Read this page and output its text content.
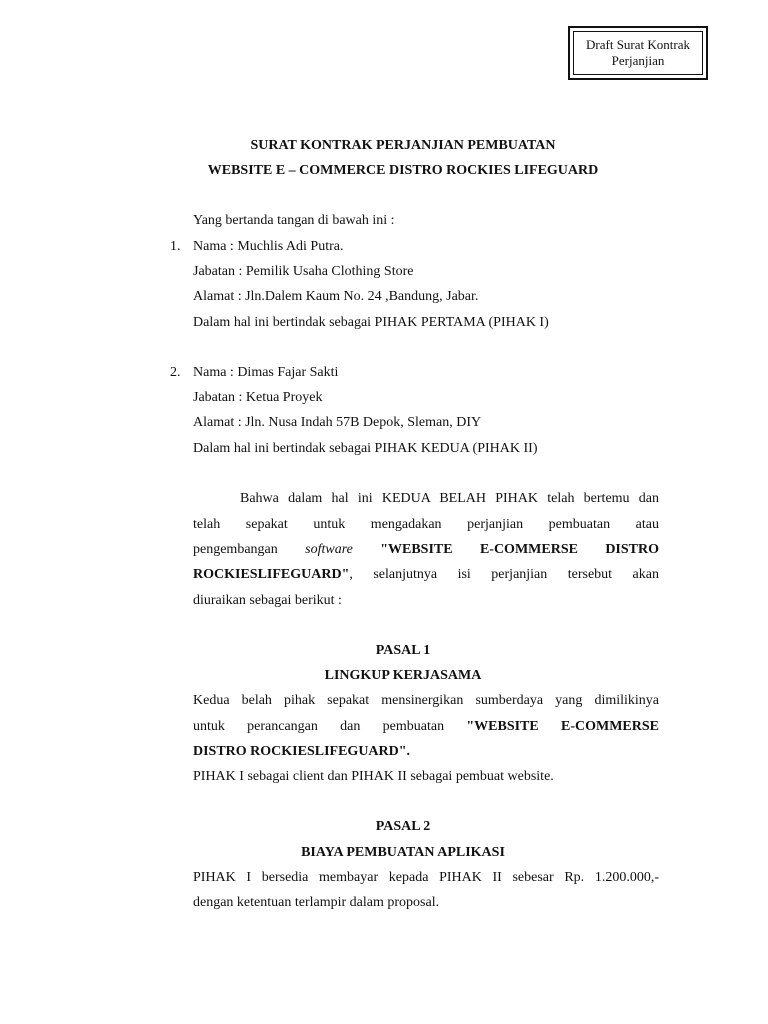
Draft Surat Kontrak
Perjanjian
SURAT KONTRAK PERJANJIAN PEMBUATAN
WEBSITE E – COMMERCE DISTRO ROCKIES LIFEGUARD
Yang bertanda tangan di bawah ini :
1. Nama : Muchlis Adi Putra.
Jabatan : Pemilik Usaha Clothing Store
Alamat : Jln.Dalem Kaum No. 24 ,Bandung, Jabar.
Dalam hal ini bertindak sebagai PIHAK PERTAMA (PIHAK I)
2. Nama : Dimas Fajar Sakti
Jabatan : Ketua Proyek
Alamat : Jln. Nusa Indah 57B Depok, Sleman, DIY
Dalam hal ini bertindak sebagai PIHAK KEDUA (PIHAK II)
Bahwa dalam hal ini KEDUA BELAH PIHAK telah bertemu dan
telah sepakat untuk mengadakan perjanjian pembuatan atau
pengembangan software "WEBSITE E-COMMERSE DISTRO
ROCKIESLIFEGUARD", selanjutnya isi perjanjian tersebut akan
diuraikan sebagai berikut :
PASAL 1
LINGKUP KERJASAMA
Kedua belah pihak sepakat mensinergikan sumberdaya yang dimilikinya
untuk perancangan dan pembuatan "WEBSITE E-COMMERSE
DISTRO ROCKIESLIFEGUARD".
PIHAK I sebagai client dan PIHAK II sebagai pembuat website.
PASAL 2
BIAYA PEMBUATAN APLIKASI
PIHAK I bersedia membayar kepada PIHAK II sebesar Rp. 1.200.000,-
dengan ketentuan terlampir dalam proposal.
